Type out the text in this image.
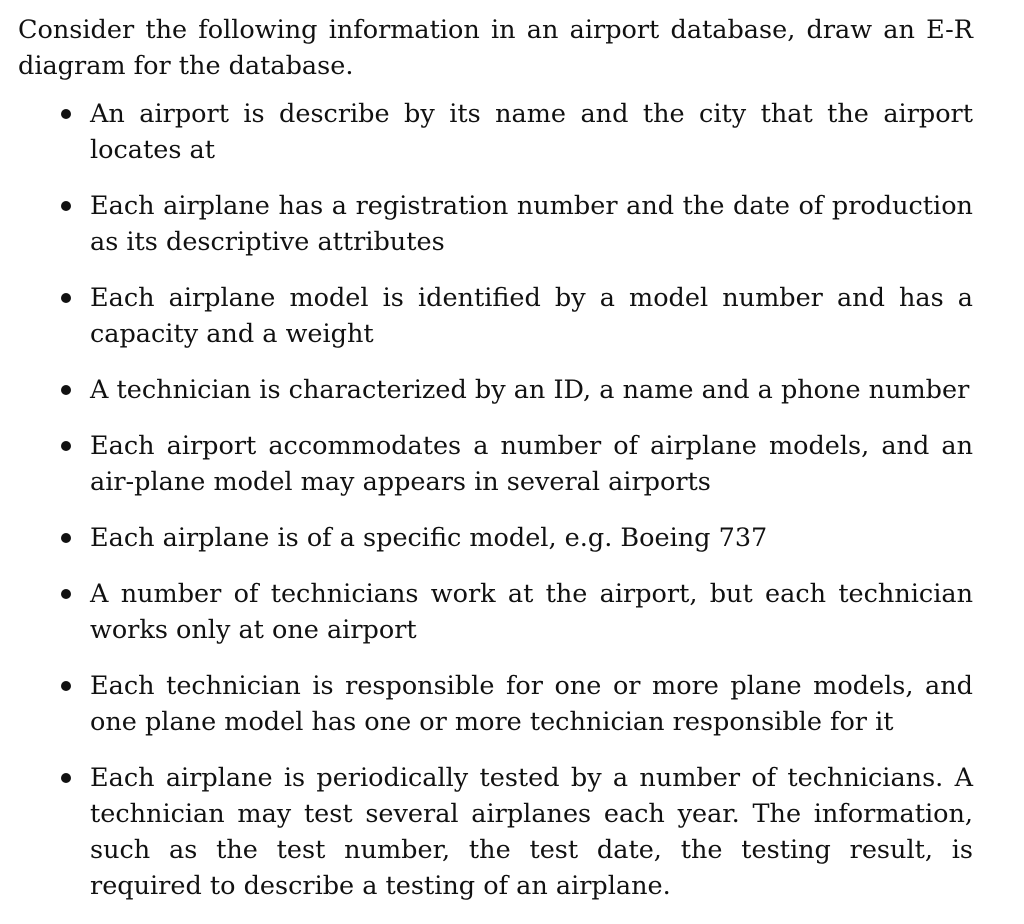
Consider the following information in an airport database, draw an E-R diagram for the database.

An airport is describe by its name and the city that the airport locates at
Each airplane has a registration number and the date of production as its descriptive attributes
Each airplane model is identified by a model number and has a capacity and a weight
A technician is characterized by an ID, a name and a phone number
Each airport accommodates a number of airplane models, and an air-plane model may appears in several airports
Each airplane is of a specific model, e.g. Boeing 737
A number of technicians work at the airport, but each technician works only at one airport
Each technician is responsible for one or more plane models, and one plane model has one or more technician responsible for it
Each airplane is periodically tested by a number of technicians. A technician may test several airplanes each year. The information, such as the test number, the test date, the testing result, is required to describe a testing of an airplane.
